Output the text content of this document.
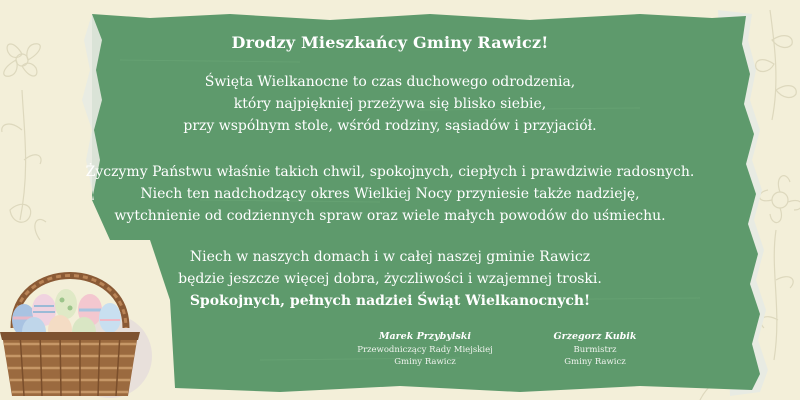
Drodzy Mieszkańcy Gminy Rawicz!
Święta Wielkanocne to czas duchowego odrodzenia,
który najpiękniej przeżywa się blisko siebie,
przy wspólnym stole, wśród rodziny, sąsiadów i przyjaciół.
Życzymy Państwu właśnie takich chwil, spokojnych, ciepłych i prawdziwie radosnych.
Niech ten nadchodzący okres Wielkiej Nocy przyniesie także nadzieję,
wytchnienie od codziennych spraw oraz wiele małych powodów do uśmiechu.
Niech w naszych domach i w całej naszej gminie Rawicz
będzie jeszcze więcej dobra, życzliwości i wzajemnej troski.
Spokojnych, pełnych nadziei Świąt Wielkanocnych!
Marek Przybylski
Przewodniczący Rady Miejskiej
Gminy Rawicz
Grzegorz Kubik
Burmistrz
Gminy Rawicz
